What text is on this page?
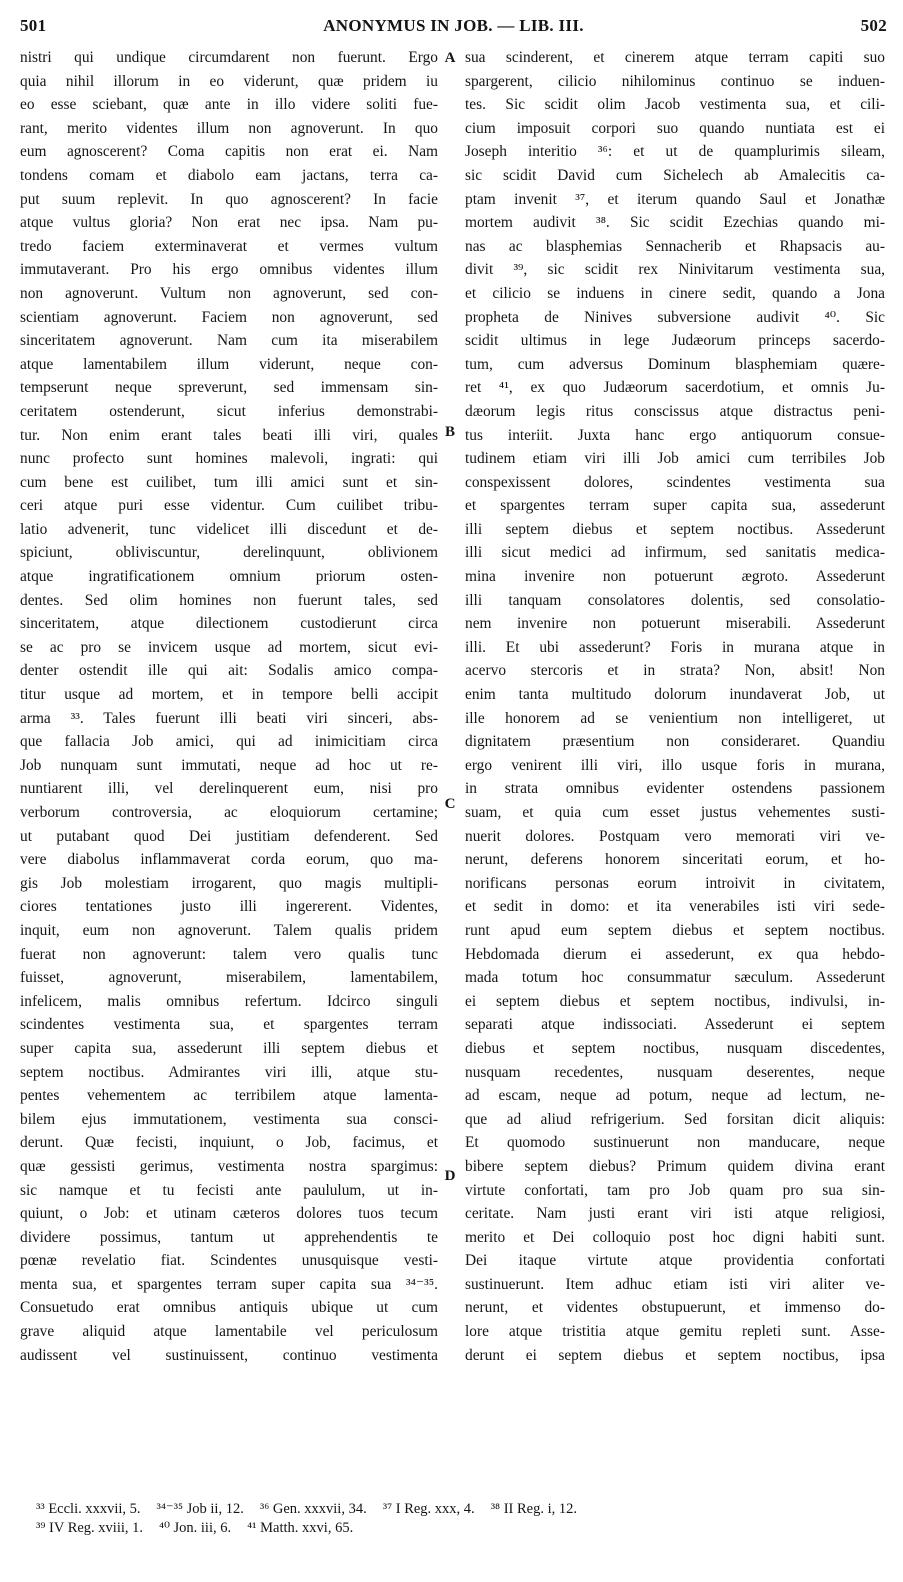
501	ANONYMUS IN JOB. — LIB. III.	502
nistri qui undique circumdarent non fuerunt. Ergo
quia nihil illorum in eo viderunt, quæ pridem iu
eo esse sciebant, quæ ante in illo videre soliti fue-
rant, merito videntes illum non agnoverunt. In quo
eum agnoscerent? Coma capitis non erat ei. Nam
tondens comam et diabolo eam jactans, terra ca-
put suum replevit. In quo agnoscerent? In facie
atque vultus gloria? Non erat nec ipsa. Nam pu-
tredo faciem exterminaverat et vermes vultum
immutaverant. Pro his ergo omnibus videntes illum
non agnoverunt. Vultum non agnoverunt, sed con-
scientiam agnoverunt. Faciem non agnoverunt, sed
sinceritatem agnoverunt. Nam cum ita miserabilem
atque lamentabilem illum viderunt, neque con-
tempserunt neque spreverunt, sed immensam sin-
ceritatem ostenderunt, sicut inferius demonstrabi-
tur. Non enim erant tales beati illi viri, quales
nunc profecto sunt homines malevoli, ingrati: qui
cum bene est cuilibet, tum illi amici sunt et sin-
ceri atque puri esse videntur. Cum cuilibet tribu-
latio advenerit, tunc videlicet illi discedunt et de-
spiciunt, obliviscuntur, derelinquunt, oblivionem
atque ingratificationem omnium priorum osten-
dentes. Sed olim homines non fuerunt tales, sed
sinceritatem, atque dilectionem custodierunt circa
se ac pro se invicem usque ad mortem, sicut evi-
denter ostendit ille qui ait: Sodalis amico compa-
titur usque ad mortem, et in tempore belli accipit
arma ³³. Tales fuerunt illi beati viri sinceri, abs-
que fallacia Job amici, qui ad inimicitiam circa
Job nunquam sunt immutati, neque ad hoc ut re-
nuntiarent illi, vel derelinquerent eum, nisi pro
verborum controversia, ac eloquiorum certamine;
ut putabant quod Dei justitiam defenderent. Sed
vere diabolus inflammaverat corda eorum, quo ma-
gis Job molestiam irrogarent, quo magis multipli-
ciores tentationes justo illi ingererent. Videntes,
inquit, eum non agnoverunt. Talem qualis pridem
fuerat non agnoverunt: talem vero qualis tunc
fuisset, agnoverunt, miserabilem, lamentabilem,
infelicem, malis omnibus refertum. Idcirco singuli
scindentes vestimenta sua, et spargentes terram
super capita sua, assederunt illi septem diebus et
septem noctibus. Admirantes viri illi, atque stu-
pentes vehementem ac terribilem atque lamenta-
bilem ejus immutationem, vestimenta sua consci-
derunt. Quæ fecisti, inquiunt, o Job, facimus, et
quæ gessisti gerimus, vestimenta nostra spargimus:
sic namque et tu fecisti ante paululum, ut in-
quiunt, o Job: et utinam cæteros dolores tuos tecum
dividere possimus, tantum ut apprehendentis te
pœnæ revelatio fiat. Scindentes unusquisque vesti-
menta sua, et spargentes terram super capita sua ³⁴⁻³⁵.
Consuetudo erat omnibus antiquis ubique ut cum
grave aliquid atque lamentabile vel periculosum
audissent vel sustinuissent, continuo vestimenta
sua scinderent, et cinerem atque terram capiti suo
spargerent, cilicio nihilominus continuo se induen-
tes. Sic scidit olim Jacob vestimenta sua, et cili-
cium imposuit corpori suo quando nuntiata est ei
Joseph interitio ³⁶: et ut de quamplurimis sileam,
sic scidit David cum Sichelech ab Amalecitis ca-
ptam invenit ³⁷, et iterum quando Saul et Jonathæ
mortem audivit ³⁸. Sic scidit Ezechias quando mi-
nas ac blasphemias Sennacherib et Rhapsacis au-
divit ³⁹, sic scidit rex Ninivitarum vestimenta sua,
et cilicio se induens in cinere sedit, quando a Jona
propheta de Ninives subversione audivit ⁴⁰. Sic
scidit ultimus in lege Judæorum princeps sacerdo-
tum, cum adversus Dominum blasphemiam quære-
ret ⁴¹, ex quo Judæorum sacerdotium, et omnis Ju-
dæorum legis ritus conscissus atque distractus peni-
tus interiit. Juxta hanc ergo antiquorum consue-
tudinem etiam viri illi Job amici cum terribiles Job
conspexissent dolores, scindentes vestimenta sua
et spargentes terram super capita sua, assederunt
illi septem diebus et septem noctibus. Assederunt
illi sicut medici ad infirmum, sed sanitatis medica-
mina invenire non potuerunt ægroto. Assederunt
illi tanquam consolatores dolentis, sed consolatio-
nem invenire non potuerunt miserabili. Assederunt
illi. Et ubi assederunt? Foris in murana atque in
acervo stercoris et in strata? Non, absit! Non
enim tanta multitudo dolorum inundaverat Job, ut
ille honorem ad se venientium non intelligeret, ut
dignitatem præsentium non consideraret. Quandiu
ergo venirent illi viri, illo usque foris in murana,
in strata omnibus evidenter ostendens passionem
suam, et quia cum esset justus vehementes susti-
nuerit dolores. Postquam vero memorati viri ve-
nerunt, deferens honorem sinceritati eorum, et ho-
norificans personas eorum introivit in civitatem,
et sedit in domo: et ita venerabiles isti viri sede-
runt apud eum septem diebus et septem noctibus.
Hebdomada dierum ei assederunt, ex qua hebdo-
mada totum hoc consummatur sæculum. Assederunt
ei septem diebus et septem noctibus, indivulsi, in-
separati atque indissociati. Assederunt ei septem
diebus et septem noctibus, nusquam discedentes,
nusquam recedentes, nusquam deserentes, neque
ad escam, neque ad potum, neque ad lectum, ne-
que ad aliud refrigerium. Sed forsitan dicit aliquis:
Et quomodo sustinuerunt non manducare, neque
bibere septem diebus? Primum quidem divina erant
virtute confortati, tam pro Job quam pro sua sin-
ceritate. Nam justi erant viri isti atque religiosi,
merito et Dei colloquio post hoc digni habiti sunt.
Dei itaque virtute atque providentia confortati
sustinuerunt. Item adhuc etiam isti viri aliter ve-
nerunt, et videntes obstupuerunt, et immenso do-
lore atque tristitia atque gemitu repleti sunt. Asse-
derunt ei septem diebus et septem noctibus, ipsa
A
B
C
D
³³ Eccli. xxxvii, 5. ³⁴⁻³⁵ Job ii, 12. ³⁶ Gen. xxxvii, 34. ³⁷ I Reg. xxx, 4. ³⁸ II Reg. i, 12.
³⁹ IV Reg. xviii, 1. ⁴⁰ Jon. iii, 6. ⁴¹ Matth. xxvi, 65.
